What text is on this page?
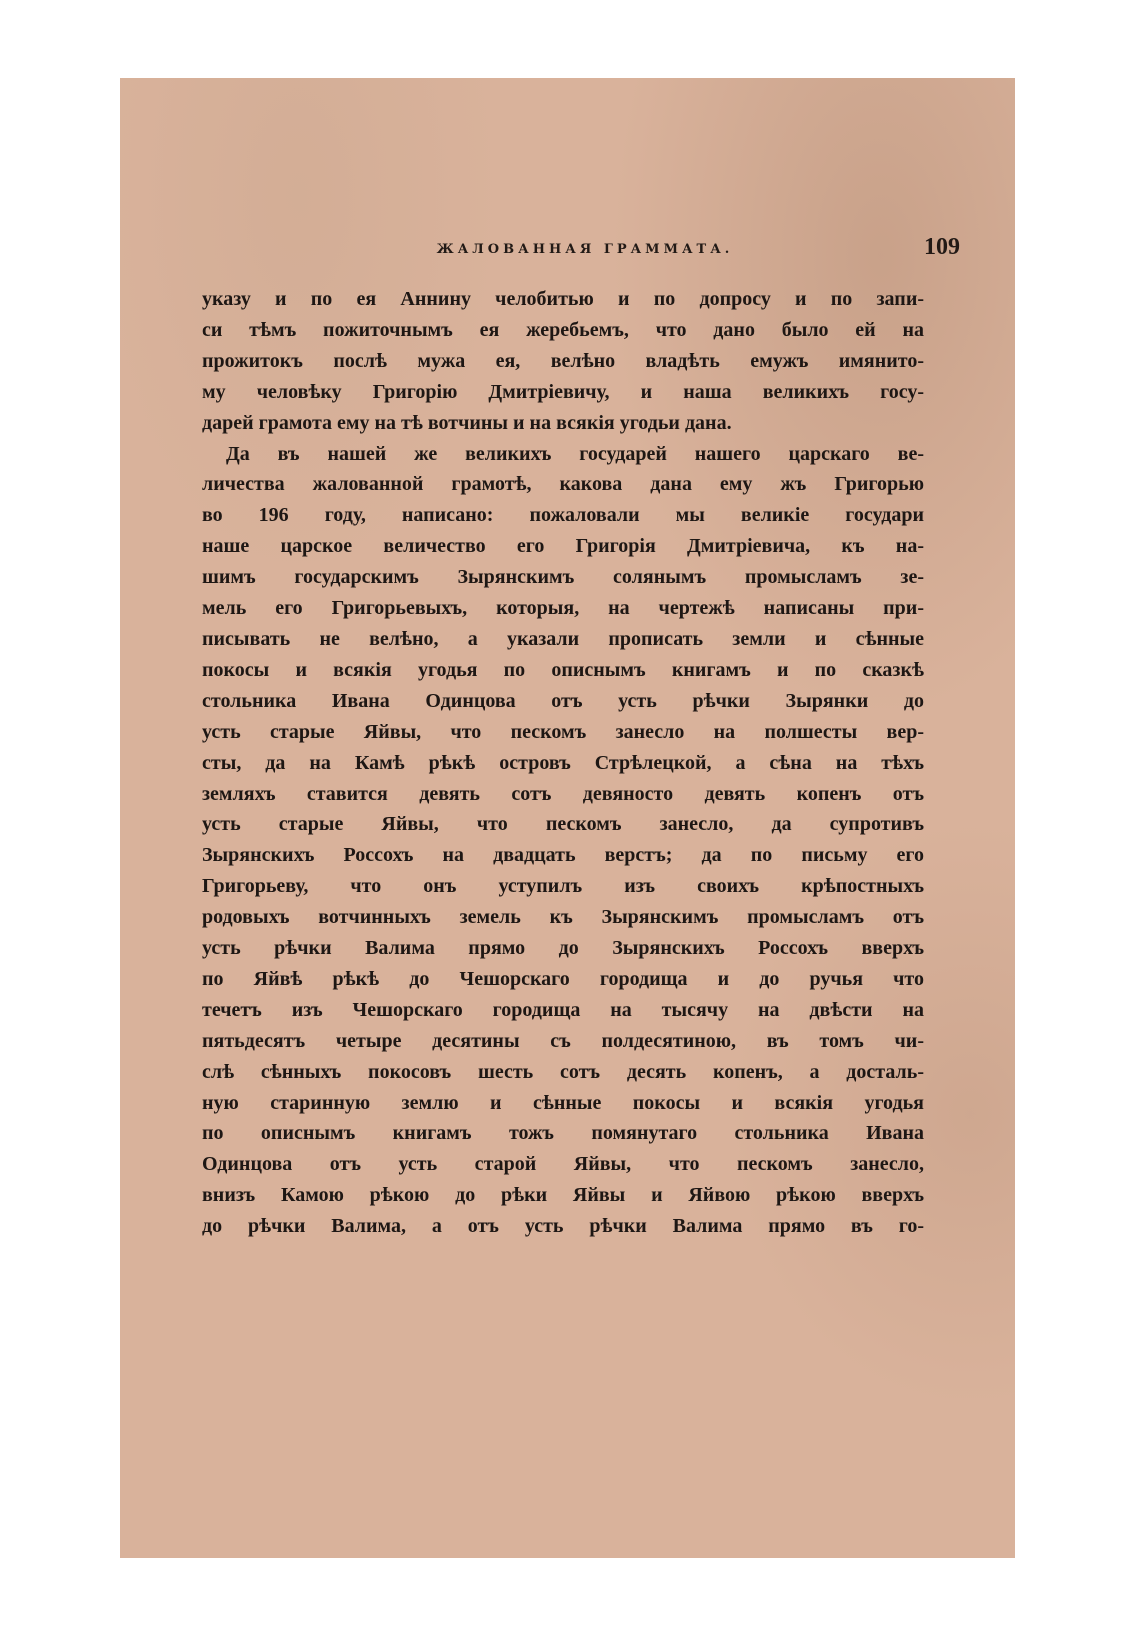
ЖАЛОВАННАЯ ГРАММАТА.	109
указу и по ея Аннину челобитью и по допросу и по запи-
си тѣмъ пожиточнымъ ея жеребьемъ, что дано было ей на
прожитокъ послѣ мужа ея, велѣно владѣть емужъ имянито-
му человѣку Григорію Дмитріевичу, и наша великихъ госу-
дарей грамота ему на тѣ вотчины и на всякія угодьи дана.
Да въ нашей же великихъ государей нашего царскаго ве-
личества жалованной грамотѣ, какова дана ему жъ Григорью
во 196 году, написано: пожаловали мы великіе государи
наше царское величество его Григорія Дмитріевича, къ на-
шимъ государскимъ Зырянскимъ солянымъ промысламъ зе-
мель его Григорьевыхъ, которыя, на чертежѣ написаны при-
писывать не велѣно, а указали прописать земли и сѣнные
покосы и всякія угодья по описнымъ книгамъ и по сказкѣ
стольника Ивана Одинцова отъ усть рѣчки Зырянки до
усть старые Яйвы, что пескомъ занесло на полшесты вер-
сты, да на Камѣ рѣкѣ островъ Стрѣлецкой, а сѣна на тѣхъ
земляхъ ставится девять сотъ девяносто девять копенъ отъ
усть старые Яйвы, что пескомъ занесло, да супротивъ
Зырянскихъ Россохъ на двадцать верстъ; да по письму его
Григорьеву, что онъ уступилъ изъ своихъ крѣпостныхъ
родовыхъ вотчинныхъ земель къ Зырянскимъ промысламъ отъ
усть рѣчки Валима прямо до Зырянскихъ Россохъ вверхъ
по Яйвѣ рѣкѣ до Чешорскаго городища и до ручья что
течетъ изъ Чешорскаго городища на тысячу на двѣсти на
пятьдесятъ четыре десятины съ полдесятиною, въ томъ чи-
слѣ сѣнныхъ покосовъ шесть сотъ десять копенъ, а досталь-
ную старинную землю и сѣнные покосы и всякія угодья
по описнымъ книгамъ тожъ помянутаго стольника Ивана
Одинцова отъ усть старой Яйвы, что пескомъ занесло,
внизъ Камою рѣкою до рѣки Яйвы и Яйвою рѣкою вверхъ
до рѣчки Валима, а отъ усть рѣчки Валима прямо въ го-
